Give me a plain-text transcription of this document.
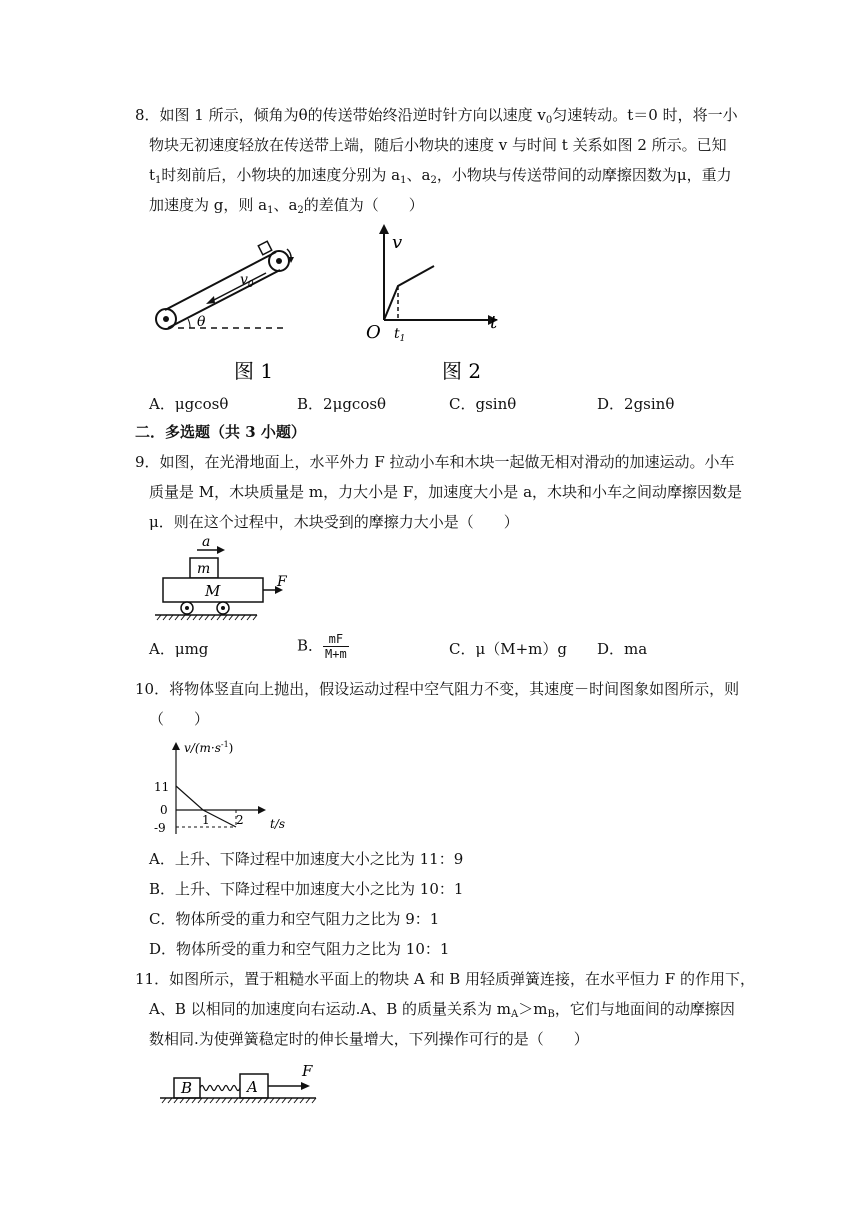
8．如图 1 所示，倾角为θ的传送带始终沿逆时针方向以速度 $v_0$匀速转动。t＝0 时，将一小
物块无初速度轻放在传送带上端，随后小物块的速度 v 与时间 t 关系如图 2 所示。已知
$t_1$时刻前后，小物块的加速度分别为 $a_1$、$a_2$，小物块与传送带间的动摩擦因数为μ，重力
加速度为 g，则 $a_1$、$a_2$的差值为（　　）
$v_0$
θ
图 1
v
t
O $t_1$
图 2
A．μgcosθ	B．2μgcosθ	C．gsinθ	D．2gsinθ
二．多选题（共 3 小题）
9．如图，在光滑地面上，水平外力 F 拉动小车和木块一起做无相对滑动的加速运动。小车
质量是 M，木块质量是 m，力大小是 F，加速度大小是 a，木块和小车之间动摩擦因数是
μ．则在这个过程中，木块受到的摩擦力大小是（　　）
a
m
M	F
A．μmg	B． $\frac{mF}{M+m}$	C．μ（M+m）g D．ma
10．将物体竖直向上抛出，假设运动过程中空气阻力不变，其速度－时间图象如图所示，则
（　　）
$v/(m\cdot s^{-1})$
t/s
11
0
-9
1 2
A．上升、下降过程中加速度大小之比为 11：9
B．上升、下降过程中加速度大小之比为 10：1
C．物体所受的重力和空气阻力之比为 9：1
D．物体所受的重力和空气阻力之比为 10：1
11．如图所示，置于粗糙水平面上的物块 A 和 B 用轻质弹簧连接，在水平恒力 F 的作用下，
A、B 以相同的加速度向右运动.A、B 的质量关系为 $m_A>m_B$，它们与地面间的动摩擦因
数相同.为使弹簧稳定时的伸长量增大，下列操作可行的是（　　）
B	A
F
